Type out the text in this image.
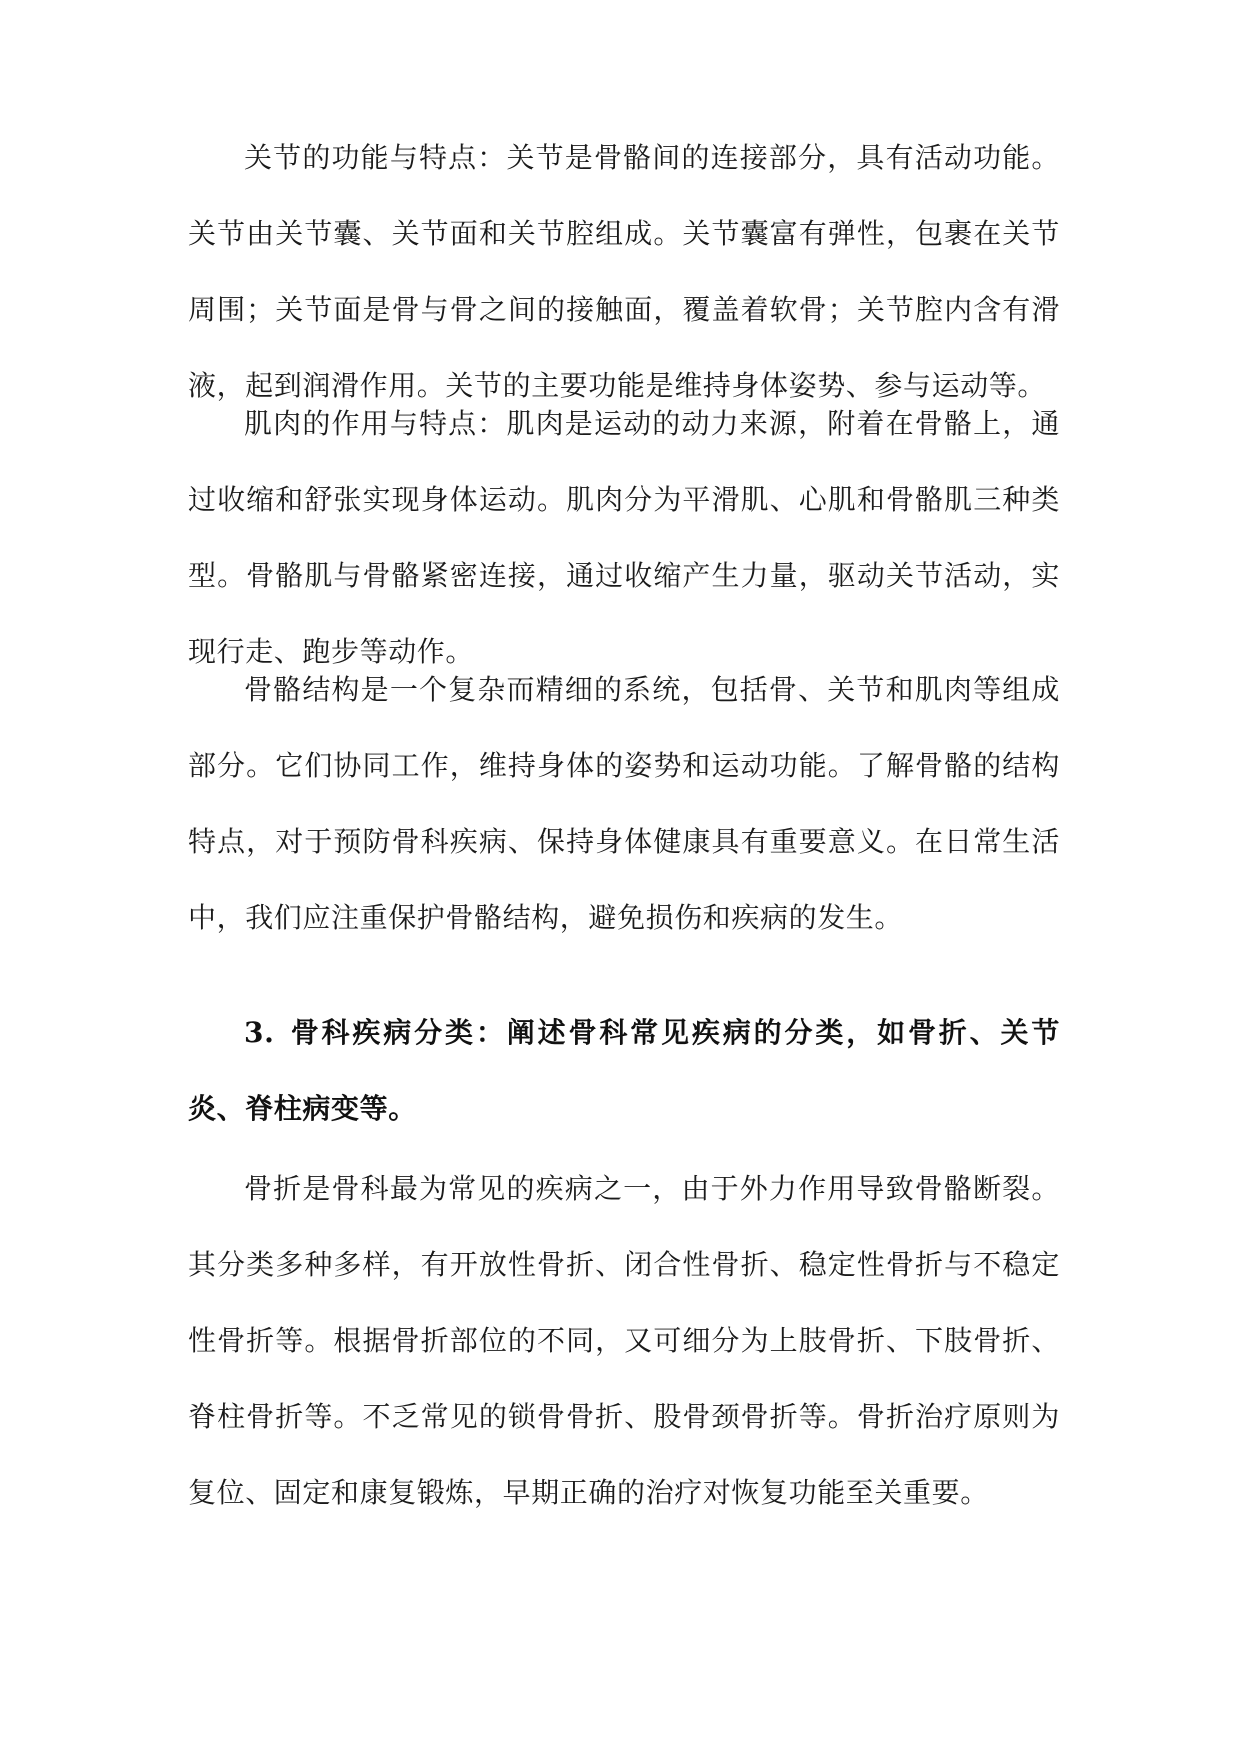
关节的功能与特点：关节是骨骼间的连接部分，具有活动功能。关节由关节囊、关节面和关节腔组成。关节囊富有弹性，包裹在关节周围；关节面是骨与骨之间的接触面，覆盖着软骨；关节腔内含有滑液，起到润滑作用。关节的主要功能是维持身体姿势、参与运动等。

肌肉的作用与特点：肌肉是运动的动力来源，附着在骨骼上，通过收缩和舒张实现身体运动。肌肉分为平滑肌、心肌和骨骼肌三种类型。骨骼肌与骨骼紧密连接，通过收缩产生力量，驱动关节活动，实现行走、跑步等动作。

骨骼结构是一个复杂而精细的系统，包括骨、关节和肌肉等组成部分。它们协同工作，维持身体的姿势和运动功能。了解骨骼的结构特点，对于预防骨科疾病、保持身体健康具有重要意义。在日常生活中，我们应注重保护骨骼结构，避免损伤和疾病的发生。

3. 骨科疾病分类：阐述骨科常见疾病的分类，如骨折、关节炎、脊柱病变等。

骨折是骨科最为常见的疾病之一，由于外力作用导致骨骼断裂。其分类多种多样，有开放性骨折、闭合性骨折、稳定性骨折与不稳定性骨折等。根据骨折部位的不同，又可细分为上肢骨折、下肢骨折、脊柱骨折等。不乏常见的锁骨骨折、股骨颈骨折等。骨折治疗原则为复位、固定和康复锻炼，早期正确的治疗对恢复功能至关重要。
